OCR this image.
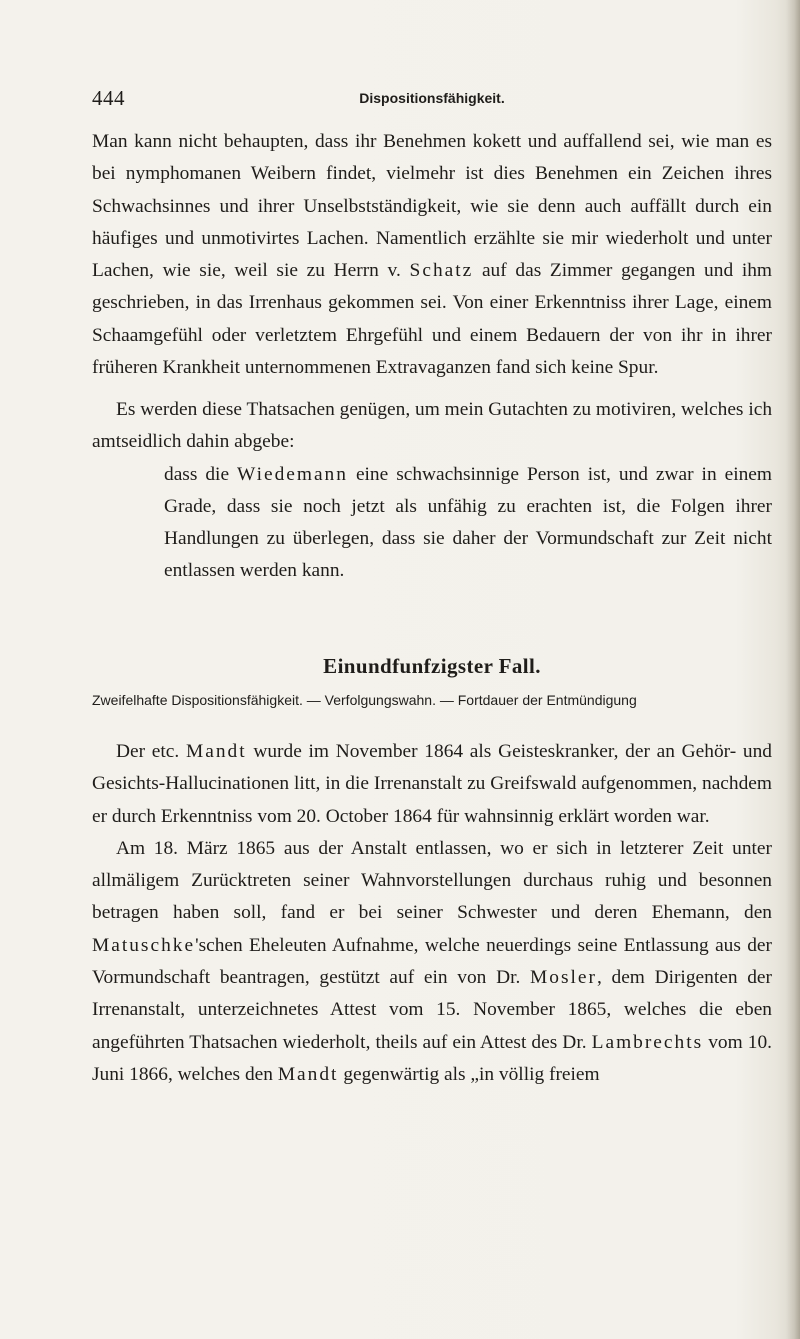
444	Dispositionsfähigkeit.

Man kann nicht behaupten, dass ihr Benehmen kokett und auffallend sei, wie man es bei nymphomanen Weibern findet, vielmehr ist dies Benehmen ein Zeichen ihres Schwachsinnes und ihrer Unselbstständigkeit, wie sie denn auch auffällt durch ein häufiges und unmotivirtes Lachen. Namentlich erzählte sie mir wiederholt und unter Lachen, wie sie, weil sie zu Herrn v. Schatz auf das Zimmer gegangen und ihm geschrieben, in das Irrenhaus gekommen sei. Von einer Erkenntniss ihrer Lage, einem Schaamgefühl oder verletztem Ehrgefühl und einem Bedauern der von ihr in ihrer früheren Krankheit unternommenen Extravaganzen fand sich keine Spur.

Es werden diese Thatsachen genügen, um mein Gutachten zu motiviren, welches ich amtseidlich dahin abgebe:

dass die Wiedemann eine schwachsinnige Person ist, und zwar in einem Grade, dass sie noch jetzt als unfähig zu erachten ist, die Folgen ihrer Handlungen zu überlegen, dass sie daher der Vormundschaft zur Zeit nicht entlassen werden kann.

Einundfunfzigster Fall.
Zweifelhafte Dispositionsfähigkeit. — Verfolgungswahn. — Fortdauer der Entmündigung

Der etc. Mandt wurde im November 1864 als Geisteskranker, der an Gehör- und Gesichts-Hallucinationen litt, in die Irrenanstalt zu Greifswald aufgenommen, nachdem er durch Erkenntniss vom 20. October 1864 für wahnsinnig erklärt worden war.

Am 18. März 1865 aus der Anstalt entlassen, wo er sich in letzterer Zeit unter allmäligem Zurücktreten seiner Wahnvorstellungen durchaus ruhig und besonnen betragen haben soll, fand er bei seiner Schwester und deren Ehemann, den Matuschke'schen Eheleuten Aufnahme, welche neuerdings seine Entlassung aus der Vormundschaft beantragen, gestützt auf ein von Dr. Mosler, dem Dirigenten der Irrenanstalt, unterzeichnetes Attest vom 15. November 1865, welches die eben angeführten Thatsachen wiederholt, theils auf ein Attest des Dr. Lambrechts vom 10. Juni 1866, welches den Mandt gegenwärtig als „in völlig freiem
